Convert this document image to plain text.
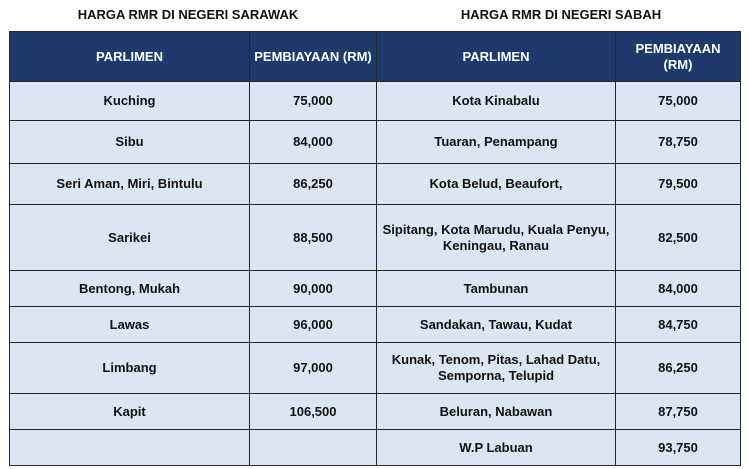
HARGA RMR DI NEGERI SARAWAK	HARGA RMR DI NEGERI SABAH
PARLIMEN	PEMBIAYAAN (RM)	PARLIMEN	PEMBIAYAAN (RM)
Kuching	75,000	Kota Kinabalu	75,000
Sibu	84,000	Tuaran, Penampang	78,750
Seri Aman, Miri, Bintulu	86,250	Kota Belud, Beaufort,	79,500
Sarikei	88,500	Sipitang, Kota Marudu, Kuala Penyu, Keningau, Ranau	82,500
Bentong, Mukah	90,000	Tambunan	84,000
Lawas	96,000	Sandakan, Tawau, Kudat	84,750
Limbang	97,000	Kunak, Tenom, Pitas, Lahad Datu, Semporna, Telupid	86,250
Kapit	106,500	Beluran, Nabawan	87,750
		W.P Labuan	93,750
